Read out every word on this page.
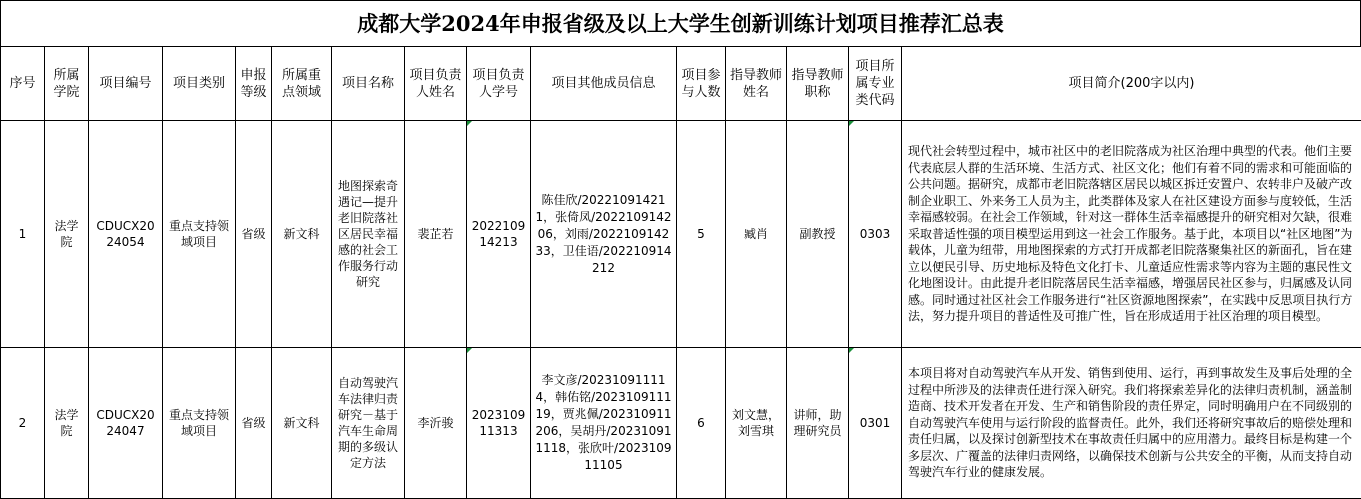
成都大学2024年申报省级及以上大学生创新训练计划项目推荐汇总表
序号	所属学院	项目编号	项目类别	申报等级	所属重点领域	项目名称	项目负责人姓名	项目负责人学号	项目其他成员信息	项目参与人数	指导教师姓名	指导教师职称	项目所属专业类代码	项目简介(200字以内)
1	法学院	CDUCX2024054	重点支持领域项目	省级	新文科	地图探索奇遇记—提升老旧院落社区居民幸福感的社会工作服务行动研究	裴芷若	202210914213	陈佳欣/202210914211，张倚凤/202210914206，刘雨/202210914233，卫佳语/202210914212	5	臧肖	副教授	0303	现代社会转型过程中，城市社区中的老旧院落成为社区治理中典型的代表。他们主要代表底层人群的生活环境、生活方式、社区文化；他们有着不同的需求和可能面临的公共问题。据研究，成都市老旧院落辖区居民以城区拆迁安置户、农转非户及破产改制企业职工、外来务工人员为主，此类群体及家人在社区建设方面参与度较低，生活幸福感较弱。在社会工作领域，针对这一群体生活幸福感提升的研究相对欠缺，很难采取普适性强的项目模型运用到这一社会工作服务。基于此，本项目以“社区地图”为载体，儿童为纽带，用地图探索的方式打开成都老旧院落聚集社区的新面孔，旨在建立以便民引导、历史地标及特色文化打卡、儿童适应性需求等内容为主题的惠民性文化地图设计。由此提升老旧院落居民生活幸福感，增强居民社区参与，归属感及认同感。同时通过社区社会工作服务进行“社区资源地图探索”，在实践中反思项目执行方法，努力提升项目的普适性及可推广性，旨在形成适用于社区治理的项目模型。
2	法学院	CDUCX2024047	重点支持领域项目	省级	新文科	自动驾驶汽车法律归责研究－基于汽车生命周期的多级认定方法	李沂骏	202310911313	李文彦/202310911114，韩佑铭/202310911119，贾兆佩/202310911206，吴胡丹/202310911118，张欣叶/202310911105	6	刘文慧，刘雪琪	讲师，助理研究员	0301	本项目将对自动驾驶汽车从开发、销售到使用、运行，再到事故发生及事后处理的全过程中所涉及的法律责任进行深入研究。我们将探索差异化的法律归责机制，涵盖制造商、技术开发者在开发、生产和销售阶段的责任界定，同时明确用户在不同级别的自动驾驶汽车使用与运行阶段的监督责任。此外，我们还将研究事故后的赔偿处理和责任归属，以及探讨创新型技术在事故责任归属中的应用潜力。最终目标是构建一个多层次、广覆盖的法律归责网络，以确保技术创新与公共安全的平衡，从而支持自动驾驶汽车行业的健康发展。
